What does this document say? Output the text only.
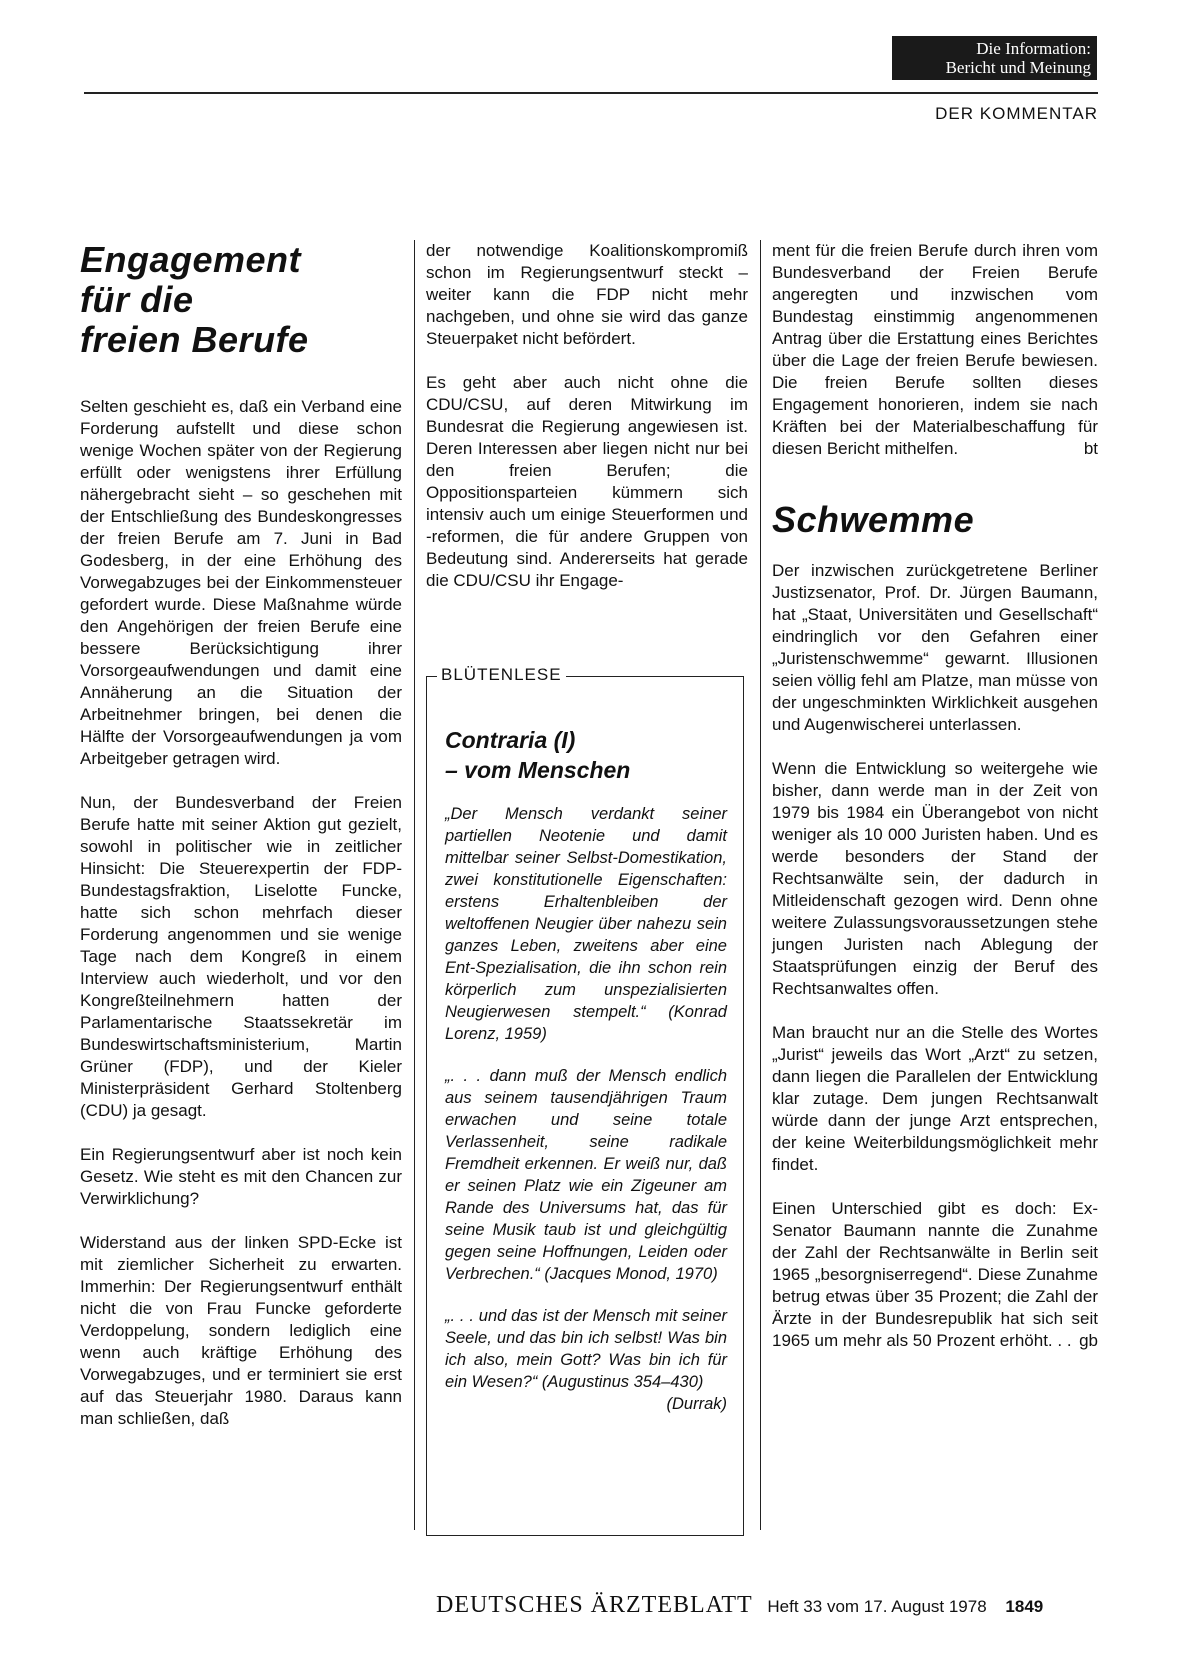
Die Information:
Bericht und Meinung
DER KOMMENTAR
Engagement
für die
freien Berufe

Selten geschieht es, daß ein Verband eine Forderung aufstellt und diese schon wenige Wochen später von der Regierung erfüllt oder wenigstens ihrer Erfüllung nähergebracht sieht – so geschehen mit der Entschließung des Bundeskongresses der freien Berufe am 7. Juni in Bad Godesberg, in der eine Erhöhung des Vorwegabzuges bei der Einkommensteuer gefordert wurde. Diese Maßnahme würde den Angehörigen der freien Berufe eine bessere Berücksichtigung ihrer Vorsorgeaufwendungen und damit eine Annäherung an die Situation der Arbeitnehmer bringen, bei denen die Hälfte der Vorsorgeaufwendungen ja vom Arbeitgeber getragen wird.

Nun, der Bundesverband der Freien Berufe hatte mit seiner Aktion gut gezielt, sowohl in politischer wie in zeitlicher Hinsicht: Die Steuerexpertin der FDP-Bundestagsfraktion, Liselotte Funcke, hatte sich schon mehrfach dieser Forderung angenommen und sie wenige Tage nach dem Kongreß in einem Interview auch wiederholt, und vor den Kongreßteilnehmern hatten der Parlamentarische Staatssekretär im Bundeswirtschaftsministerium, Martin Grüner (FDP), und der Kieler Ministerpräsident Gerhard Stoltenberg (CDU) ja gesagt.

Ein Regierungsentwurf aber ist noch kein Gesetz. Wie steht es mit den Chancen zur Verwirklichung?

Widerstand aus der linken SPD-Ecke ist mit ziemlicher Sicherheit zu erwarten. Immerhin: Der Regierungsentwurf enthält nicht die von Frau Funcke geforderte Verdoppelung, sondern lediglich eine wenn auch kräftige Erhöhung des Vorwegabzuges, und er terminiert sie erst auf das Steuerjahr 1980. Daraus kann man schließen, daß

der notwendige Koalitionskompromiß schon im Regierungsentwurf steckt – weiter kann die FDP nicht mehr nachgeben, und ohne sie wird das ganze Steuerpaket nicht befördert.

Es geht aber auch nicht ohne die CDU/CSU, auf deren Mitwirkung im Bundesrat die Regierung angewiesen ist. Deren Interessen aber liegen nicht nur bei den freien Berufen; die Oppositionsparteien kümmern sich intensiv auch um einige Steuerformen und -reformen, die für andere Gruppen von Bedeutung sind. Andererseits hat gerade die CDU/CSU ihr Engage-

BLÜTENLESE
Contraria (I)
– vom Menschen

„Der Mensch verdankt seiner partiellen Neotenie und damit mittelbar seiner Selbst-Domestikation, zwei konstitutionelle Eigenschaften: erstens Erhaltenbleiben der weltoffenen Neugier über nahezu sein ganzes Leben, zweitens aber eine Ent-Spezialisation, die ihn schon rein körperlich zum unspezialisierten Neugierwesen stempelt.“ (Konrad Lorenz, 1959)

„. . . dann muß der Mensch endlich aus seinem tausendjährigen Traum erwachen und seine totale Verlassenheit, seine radikale Fremdheit erkennen. Er weiß nur, daß er seinen Platz wie ein Zigeuner am Rande des Universums hat, das für seine Musik taub ist und gleichgültig gegen seine Hoffnungen, Leiden oder Verbrechen.“ (Jacques Monod, 1970)

„. . . und das ist der Mensch mit seiner Seele, und das bin ich selbst! Was bin ich also, mein Gott? Was bin ich für ein Wesen?“ (Augustinus 354–430)
(Durrak)

ment für die freien Berufe durch ihren vom Bundesverband der Freien Berufe angeregten und inzwischen vom Bundestag einstimmig angenommenen Antrag über die Erstattung eines Berichtes über die Lage der freien Berufe bewiesen. Die freien Berufe sollten dieses Engagement honorieren, indem sie nach Kräften bei der Materialbeschaffung für diesen Bericht mithelfen.	bt

Schwemme

Der inzwischen zurückgetretene Berliner Justizsenator, Prof. Dr. Jürgen Baumann, hat „Staat, Universitäten und Gesellschaft“ eindringlich vor den Gefahren einer „Juristenschwemme“ gewarnt. Illusionen seien völlig fehl am Platze, man müsse von der ungeschminkten Wirklichkeit ausgehen und Augenwischerei unterlassen.

Wenn die Entwicklung so weitergehe wie bisher, dann werde man in der Zeit von 1979 bis 1984 ein Überangebot von nicht weniger als 10 000 Juristen haben. Und es werde besonders der Stand der Rechtsanwälte sein, der dadurch in Mitleidenschaft gezogen wird. Denn ohne weitere Zulassungsvoraussetzungen stehe jungen Juristen nach Ablegung der Staatsprüfungen einzig der Beruf des Rechtsanwaltes offen.

Man braucht nur an die Stelle des Wortes „Jurist“ jeweils das Wort „Arzt“ zu setzen, dann liegen die Parallelen der Entwicklung klar zutage. Dem jungen Rechtsanwalt würde dann der junge Arzt entsprechen, der keine Weiterbildungsmöglichkeit mehr findet.

Einen Unterschied gibt es doch: Ex-Senator Baumann nannte die Zunahme der Zahl der Rechtsanwälte in Berlin seit 1965 „besorgniserregend“. Diese Zunahme betrug etwas über 35 Prozent; die Zahl der Ärzte in der Bundesrepublik hat sich seit 1965 um mehr als 50 Prozent erhöht. . . gb

DEUTSCHES ÄRZTEBLATT Heft 33 vom 17. August 1978 1849
